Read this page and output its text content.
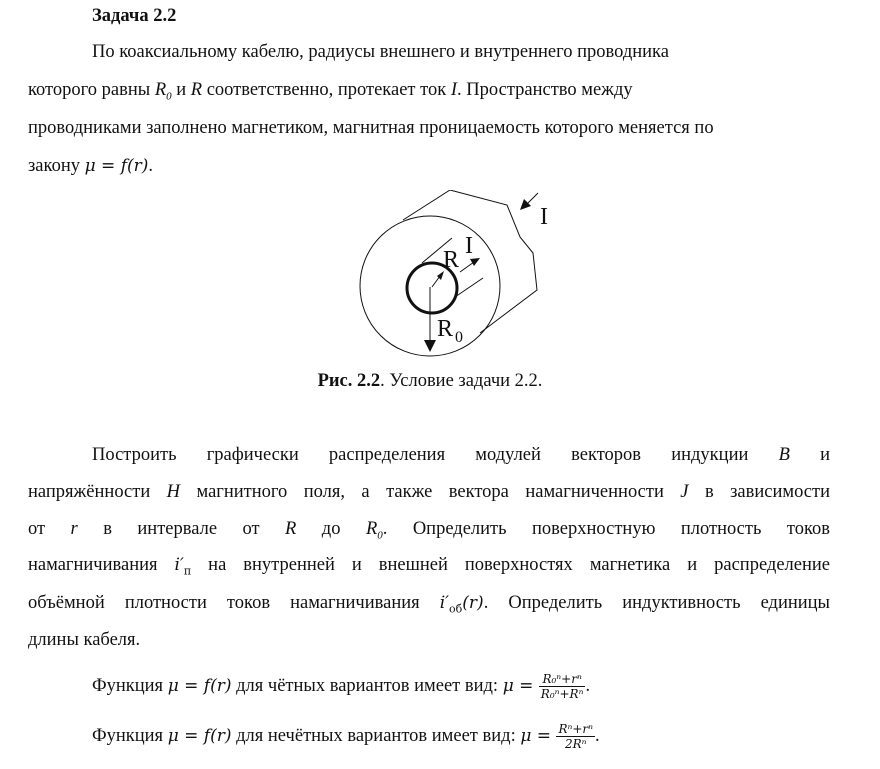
Задача 2.2
По коаксиальному кабелю, радиусы внешнего и внутреннего проводника
которого равны $R_0$ и R соответственно, протекает ток I. Пространство между
проводниками заполнено магнетиком, магнитная проницаемость которого меняется по
закону μ = f(r).
I
R
I
R 0
Рис. 2.2. Условие задачи 2.2.
Построить графически распределения модулей векторов индукции B и
напряжённости H магнитного поля, а также вектора намагниченности J в зависимости
от r в интервале от R до $R_0$. Определить поверхностную плотность токов
намагничивания $i'_п$ на внутренней и внешней поверхностях магнетика и распределение
объёмной плотности токов намагничивания $i'_{об}(r)$. Определить индуктивность единицы
длины кабеля.
Функция μ = f(r) для чётных вариантов имеет вид: $\mu = \frac{\text{R₀ⁿ+rⁿ}}{\text{R₀ⁿ+Rⁿ}}$ .
Функция μ = f(r) для нечётных вариантов имеет вид: $\mu = \frac{\text{Rⁿ+rⁿ}}{\text{2Rⁿ}}$ .
